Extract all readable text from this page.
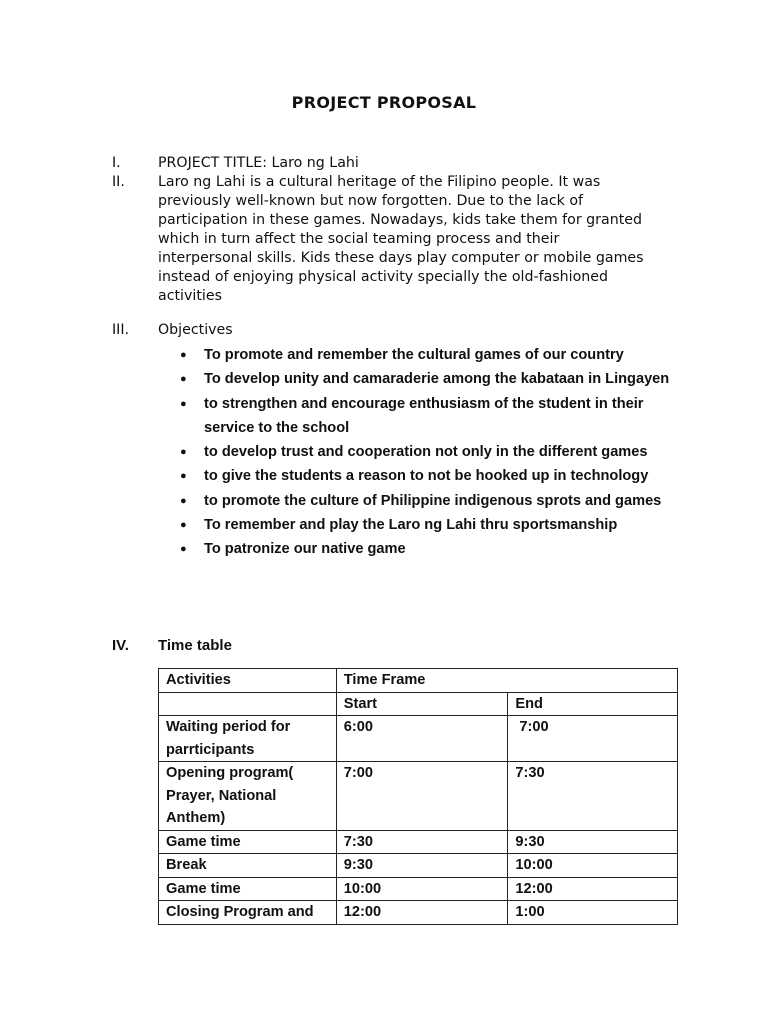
PROJECT PROPOSAL
I.	PROJECT TITLE: Laro ng Lahi
II.	Laro ng Lahi is a cultural heritage of the Filipino people. It was previously well-known but now forgotten. Due to the lack of participation in these games. Nowadays, kids take them for granted which in turn affect the social teaming process and their interpersonal skills. Kids these days play computer or mobile games instead of enjoying physical activity specially the old-fashioned activities
III.	Objectives
● To promote and remember the cultural games of our country
● To develop unity and camaraderie among the kabataan in Lingayen
● to strengthen and encourage enthusiasm of the student in their service to the school
● to develop trust and cooperation not only in the different games
● to give the students a reason to not be hooked up in technology
● to promote the culture of Philippine indigenous sprots and games
● To remember and play the Laro ng Lahi thru sportsmanship
● To patronize our native game
IV.	Time table
Activities	Time Frame	
	Start	End
Waiting period for parrticipants	6:00	7:00
Opening program( Prayer, National Anthem)	7:00	7:30
Game time	7:30	9:30
Break	9:30	10:00
Game time	10:00	12:00
Closing Program and	12:00	1:00
